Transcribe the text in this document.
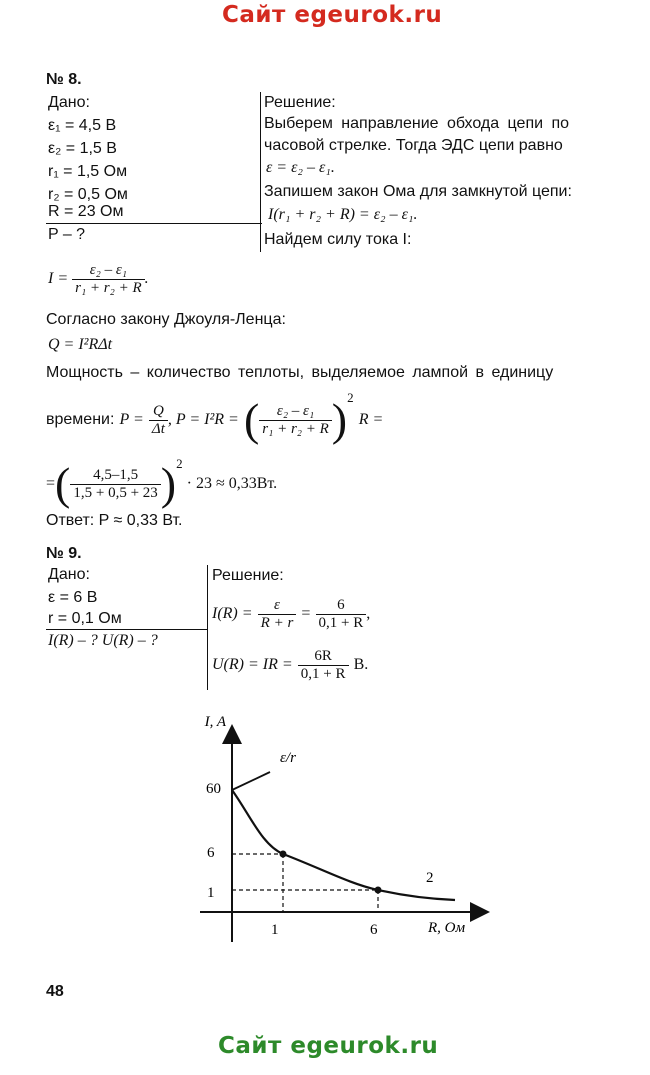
Сайт egeurok.ru
№ 8.
Дано:
ε₁ = 4,5 В
ε₂ = 1,5 В
r₁ = 1,5 Ом
r₂ = 0,5 Ом
R = 23 Ом
P – ?
Решение:
Выберем направление обхода цепи по
часовой стрелке. Тогда ЭДС цепи равно
ε = ε₂ – ε₁.
Запишем закон Ома для замкнутой цепи:
I(r₁ + r₂ + R) = ε₂ – ε₁.
Найдем силу тока I:
$I = \frac{\text{ε₂ – ε₁}}{\text{r₁ + r₂ + R}}$ .
Согласно закону Джоуля-Ленца:
Q = I²RΔt
Мощность – количество теплоты, выделяемое лампой в единицу
времени:
P =
$\frac{Q}{\Delta t}$ , P = I²R =
( $\frac{\text{ε₂ – ε₁}}{\text{r₁ + r₂ + R}} )^2$

R =
= ( $\frac{4,5-1,5}{1,5 + 0,5 + 23} )^2$
· 23 ≈ 0,33Вт.
Ответ: P ≈ 0,33 Вт.
№ 9.
Дано:
ε = 6 В
r = 0,1 Ом
I(R) – ? U(R) – ?
Решение:
I(R) =
$\frac{\varepsilon}{R + r}$
=
$\frac{6}{0,1 + R}$ ,
U(R) = IR =
$\frac{6R}{0,1 + R}$
В.
I, A
R, Ом
60
6
1
1	6
ε/r
2
48
Сайт egeurok.ru
